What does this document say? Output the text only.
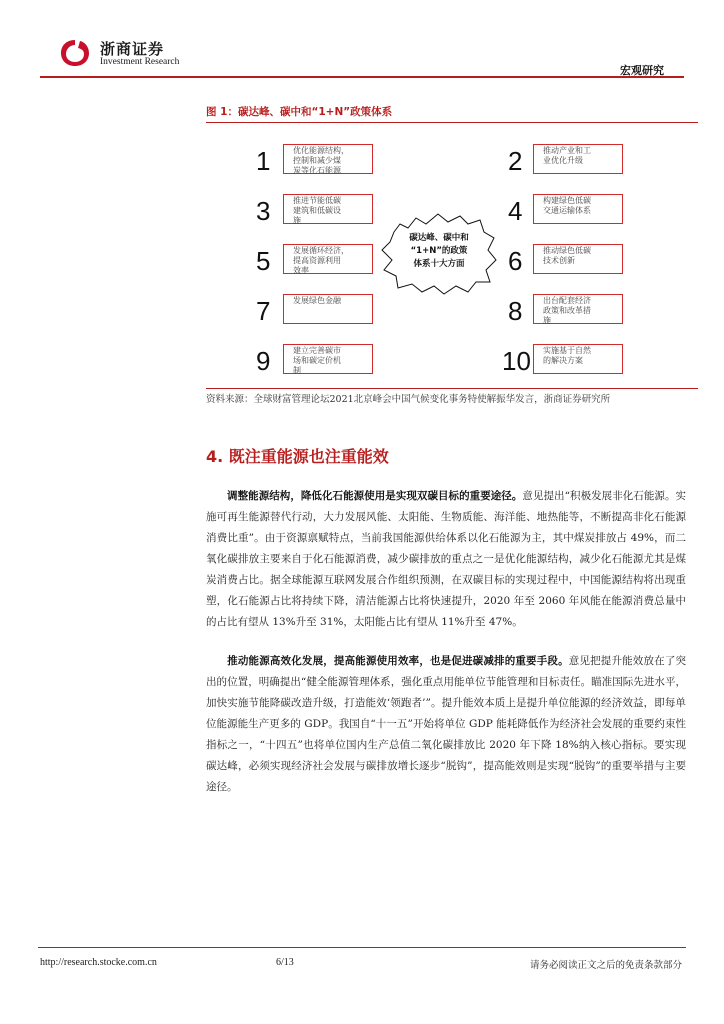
浙商证券
Investment Research
宏观研究
图 1：碳达峰、碳中和“1+N”政策体系
优化能源结构，
控制和减少煤
炭等化石能源
1	推动产业和工
业优化升级
2
推进节能低碳
建筑和低碳设
施
3	构建绿色低碳
交通运输体系
4
发展循环经济，
提高资源利用
效率
5	推动绿色低碳
技术创新
6
发展绿色金融
7	出台配套经济
政策和改革措
施
8
建立完善碳市
场和碳定价机
制
9	实施基于自然
的解决方案
10
碳达峰、碳中和
“1+N”的政策
体系十大方面
资料来源：全球财富管理论坛2021北京峰会中国气候变化事务特使解振华发言，浙商证券研究所
4. 既注重能源也注重能效
调整能源结构，降低化石能源使用是实现双碳目标的重要途径。意见提出“积极发展非化石能源。实施可再生能源替代行动，大力发展风能、太阳能、生物质能、海洋能、地热能等，不断提高非化石能源消费比重”。由于资源禀赋特点，当前我国能源供给体系以化石能源为主，其中煤炭排放占 49%，而二氧化碳排放主要来自于化石能源消费，减少碳排放的重点之一是优化能源结构，减少化石能源尤其是煤炭消费占比。据全球能源互联网发展合作组织预测，在双碳目标的实现过程中，中国能源结构将出现重塑，化石能源占比将持续下降，清洁能源占比将快速提升，2020 年至 2060 年风能在能源消费总量中的占比有望从 13%升至 31%，太阳能占比有望从 11%升至 47%。
推动能源高效化发展，提高能源使用效率，也是促进碳减排的重要手段。意见把提升能效放在了突出的位置，明确提出“健全能源管理体系，强化重点用能单位节能管理和目标责任。瞄准国际先进水平，加快实施节能降碳改造升级，打造能效‘领跑者’”。提升能效本质上是提升单位能源的经济效益，即每单位能源能生产更多的 GDP。我国自“十一五”开始将单位 GDP 能耗降低作为经济社会发展的重要约束性指标之一，“十四五”也将单位国内生产总值二氧化碳排放比 2020 年下降 18%纳入核心指标。要实现碳达峰，必须实现经济社会发展与碳排放增长逐步“脱钩”，提高能效则是实现“脱钩”的重要举措与主要途径。
http://research.stocke.com.cn	6/13	请务必阅读正文之后的免责条款部分
